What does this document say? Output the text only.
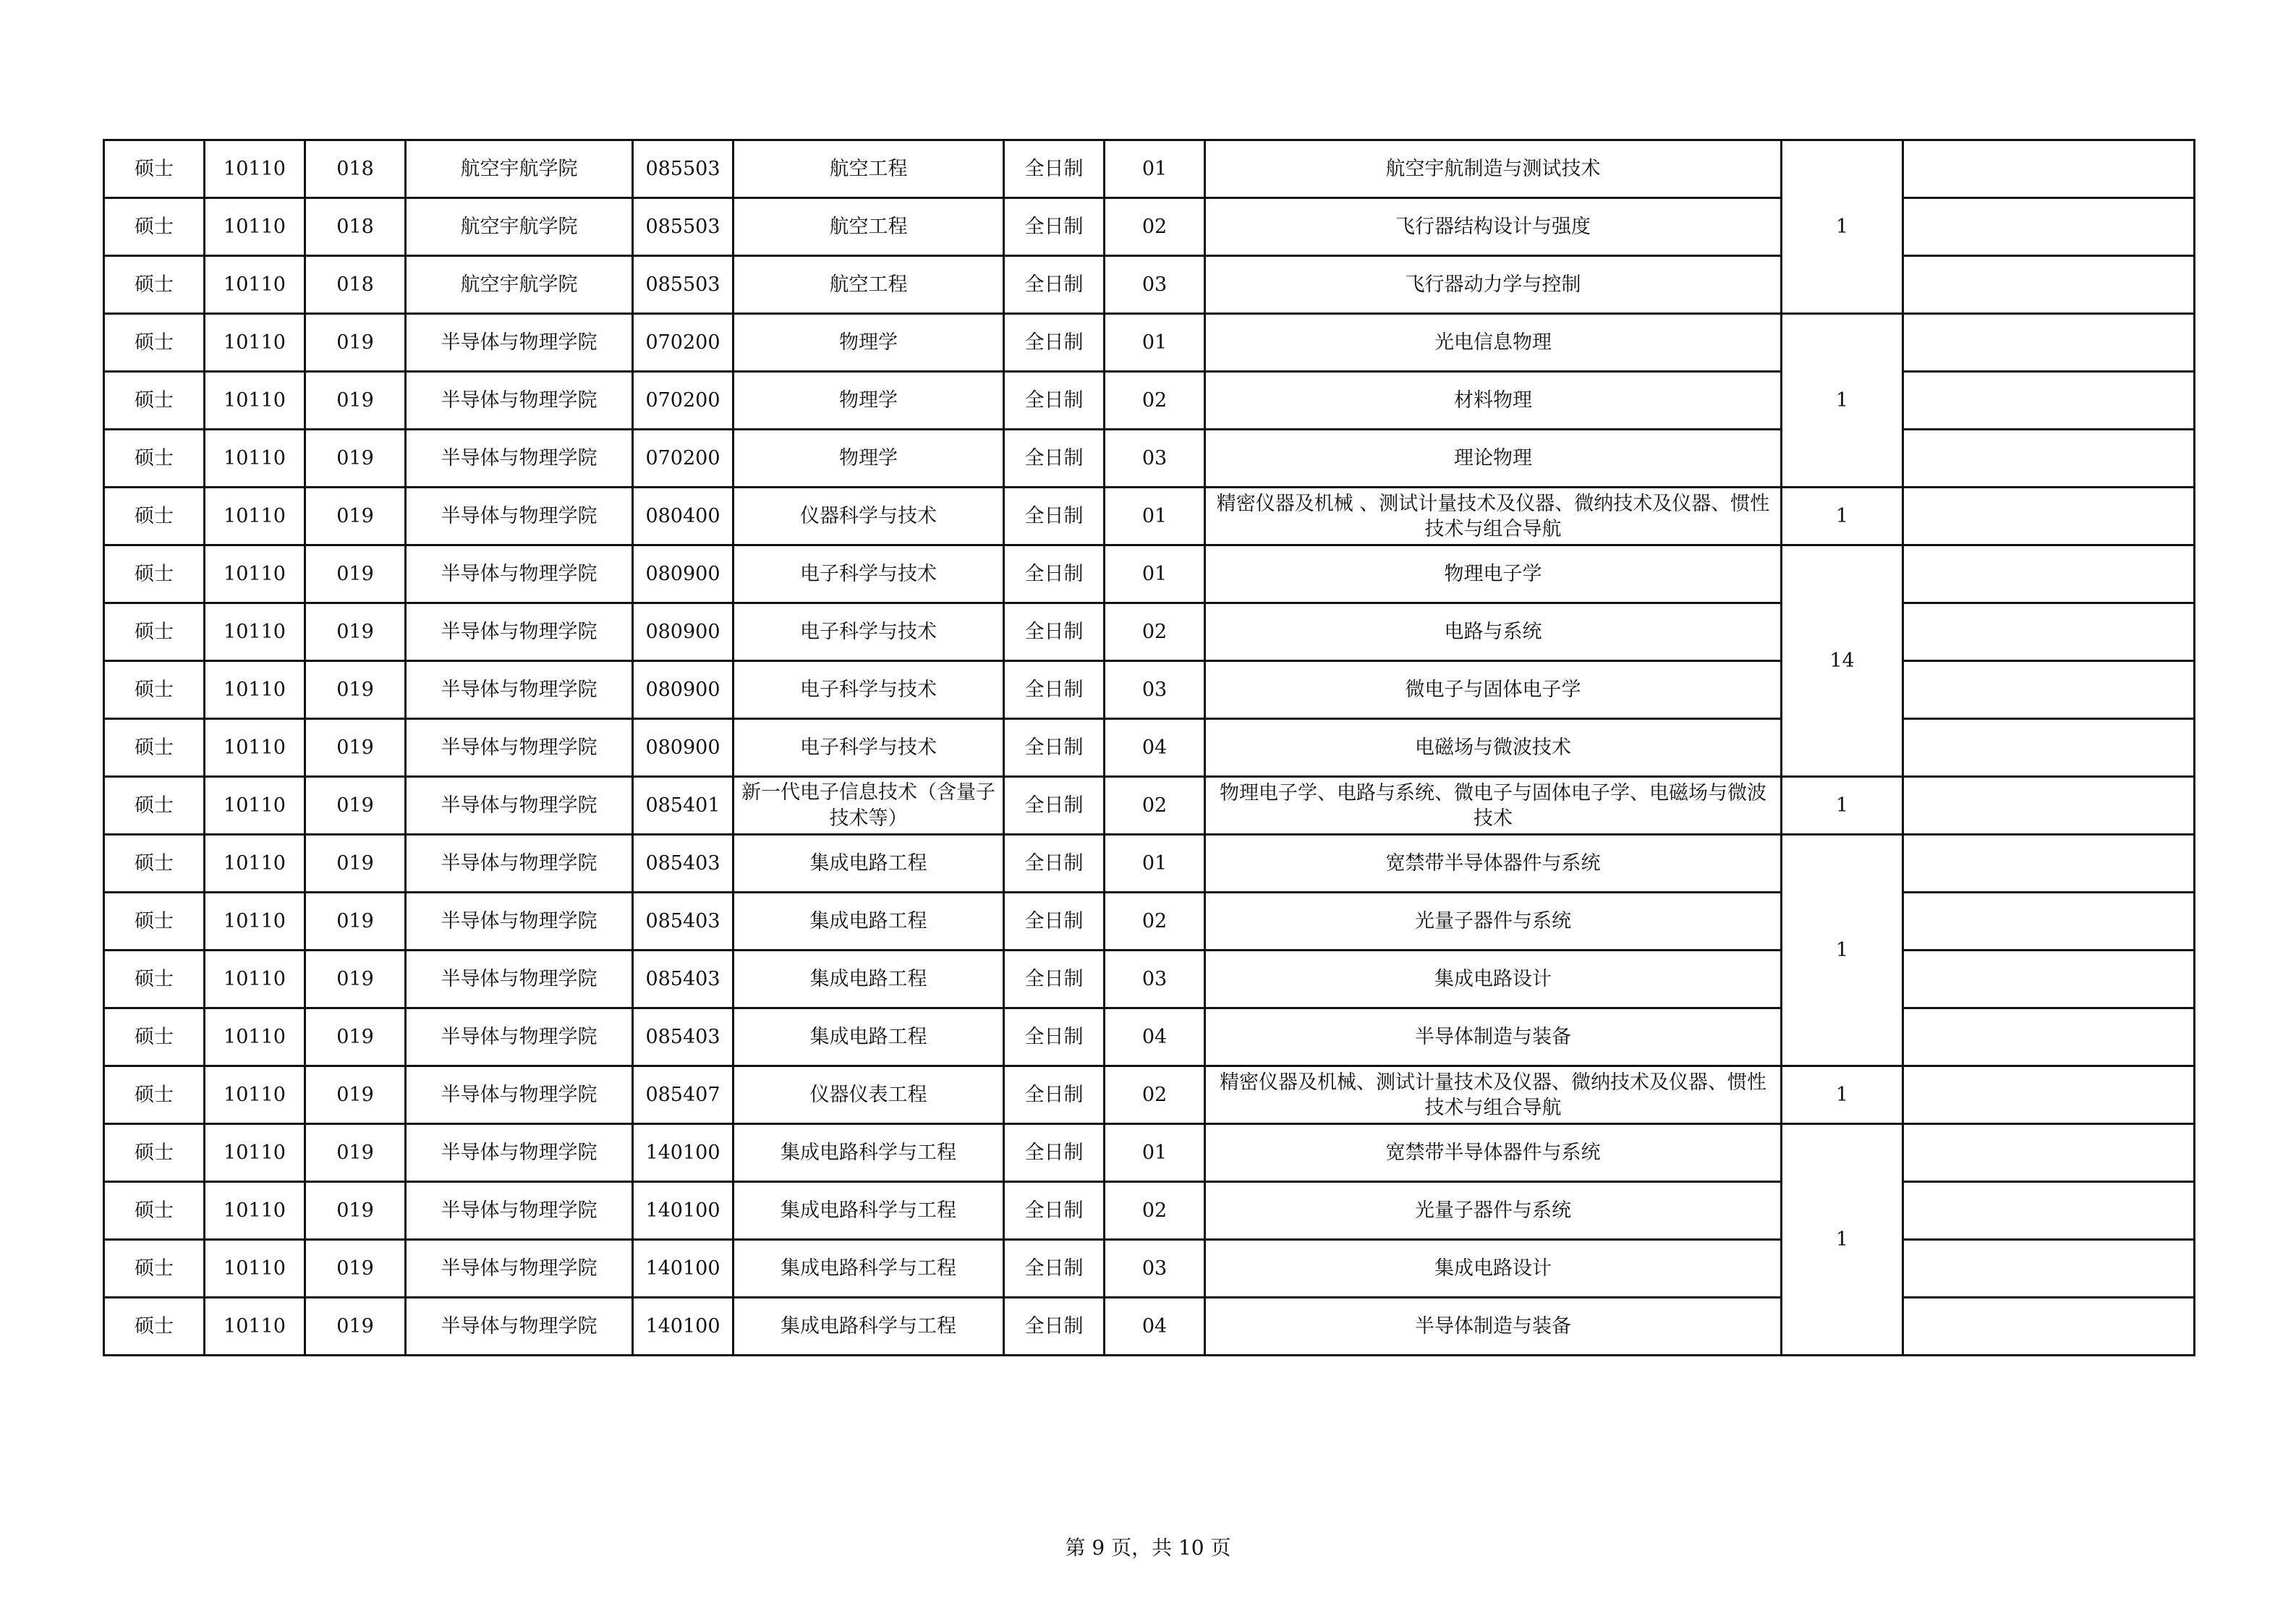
硕士	10110	018	航空宇航学院	085503	航空工程	全日制	01	航空宇航制造与测试技术	1	
硕士	10110	018	航空宇航学院	085503	航空工程	全日制	02	飞行器结构设计与强度		
硕士	10110	018	航空宇航学院	085503	航空工程	全日制	03	飞行器动力学与控制		
硕士	10110	019	半导体与物理学院	070200	物理学	全日制	01	光电信息物理	1	
硕士	10110	019	半导体与物理学院	070200	物理学	全日制	02	材料物理		
硕士	10110	019	半导体与物理学院	070200	物理学	全日制	03	理论物理		
硕士	10110	019	半导体与物理学院	080400	仪器科学与技术	全日制	01	精密仪器及机械 、测试计量技术及仪器、微纳技术及仪器、惯性技术与组合导航	1	
硕士	10110	019	半导体与物理学院	080900	电子科学与技术	全日制	01	物理电子学	14	
硕士	10110	019	半导体与物理学院	080900	电子科学与技术	全日制	02	电路与系统		
硕士	10110	019	半导体与物理学院	080900	电子科学与技术	全日制	03	微电子与固体电子学		
硕士	10110	019	半导体与物理学院	080900	电子科学与技术	全日制	04	电磁场与微波技术		
硕士	10110	019	半导体与物理学院	085401	新一代电子信息技术（含量子技术等）	全日制	02	物理电子学、电路与系统、微电子与固体电子学、电磁场与微波技术	1	
硕士	10110	019	半导体与物理学院	085403	集成电路工程	全日制	01	宽禁带半导体器件与系统	1	
硕士	10110	019	半导体与物理学院	085403	集成电路工程	全日制	02	光量子器件与系统		
硕士	10110	019	半导体与物理学院	085403	集成电路工程	全日制	03	集成电路设计		
硕士	10110	019	半导体与物理学院	085403	集成电路工程	全日制	04	半导体制造与装备		
硕士	10110	019	半导体与物理学院	085407	仪器仪表工程	全日制	02	精密仪器及机械、测试计量技术及仪器、微纳技术及仪器、惯性技术与组合导航	1	
硕士	10110	019	半导体与物理学院	140100	集成电路科学与工程	全日制	01	宽禁带半导体器件与系统	1	
硕士	10110	019	半导体与物理学院	140100	集成电路科学与工程	全日制	02	光量子器件与系统		
硕士	10110	019	半导体与物理学院	140100	集成电路科学与工程	全日制	03	集成电路设计		
硕士	10110	019	半导体与物理学院	140100	集成电路科学与工程	全日制	04	半导体制造与装备		
第 9 页，共 10 页
